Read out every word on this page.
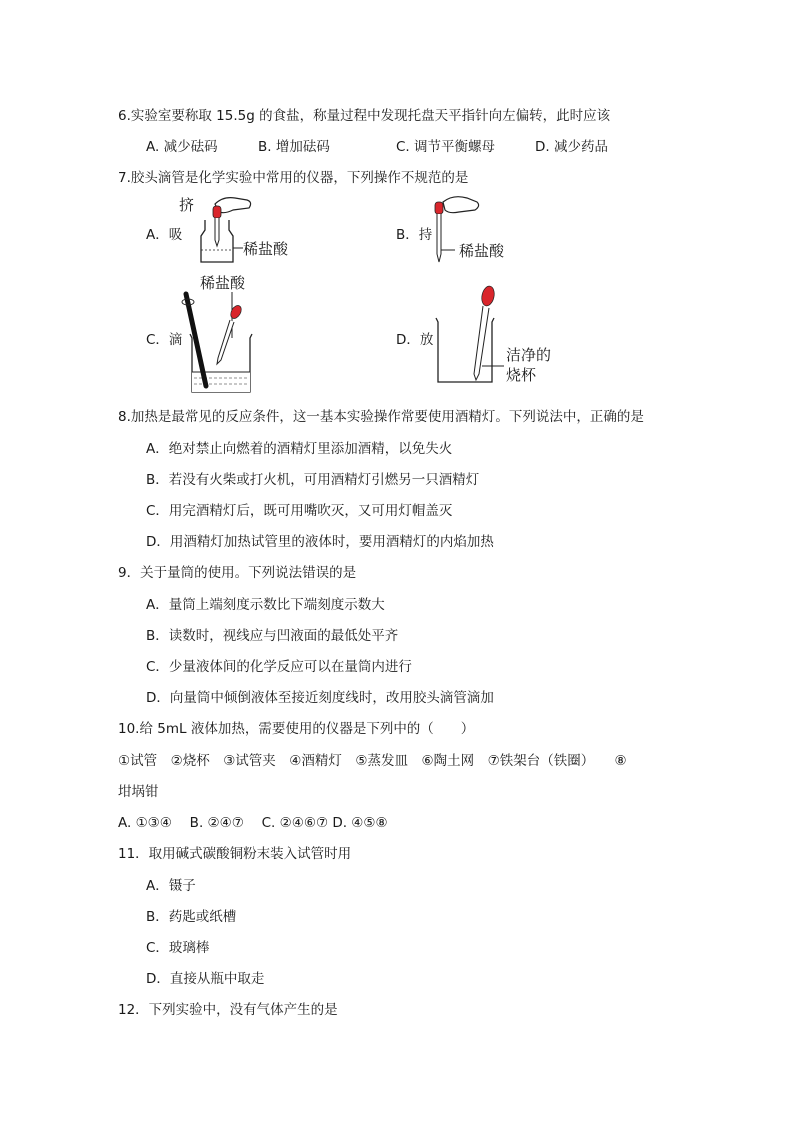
6.实验室要称取 15.5g 的食盐，称量过程中发现托盘天平指针向左偏转，此时应该
A. 减少砝码	B. 增加砝码	C. 调节平衡螺母	D. 减少药品
7.胶头滴管是化学实验中常用的仪器，下列操作不规范的是
A．吸
挤
稀盐酸
B．持
稀盐酸
C．滴
稀盐酸
D．放
洁净的
烧杯
8.加热是最常见的反应条件，这一基本实验操作常要使用酒精灯。下列说法中，正确的是
A．绝对禁止向燃着的酒精灯里添加酒精，以免失火
B．若没有火柴或打火机，可用酒精灯引燃另一只酒精灯
C．用完酒精灯后，既可用嘴吹灭，又可用灯帽盖灭
D．用酒精灯加热试管里的液体时，要用酒精灯的内焰加热
9．关于量筒的使用。下列说法错误的是
A．量筒上端刻度示数比下端刻度示数大
B．读数时，视线应与凹液面的最低处平齐
C．少量液体间的化学反应可以在量筒内进行
D．向量筒中倾倒液体至接近刻度线时，改用胶头滴管滴加
10.给 5mL 液体加热，需要使用的仪器是下列中的（　　）
①试管　②烧杯　③试管夹　④酒精灯　⑤蒸发皿　⑥陶土网　⑦铁架台（铁圈）　　⑧
坩埚钳
A. ①③④　 B. ②④⑦　 C. ②④⑥⑦ D. ④⑤⑧
11．取用碱式碳酸铜粉末装入试管时用
A．镊子
B．药匙或纸槽
C．玻璃棒
D．直接从瓶中取走
12．下列实验中，没有气体产生的是
